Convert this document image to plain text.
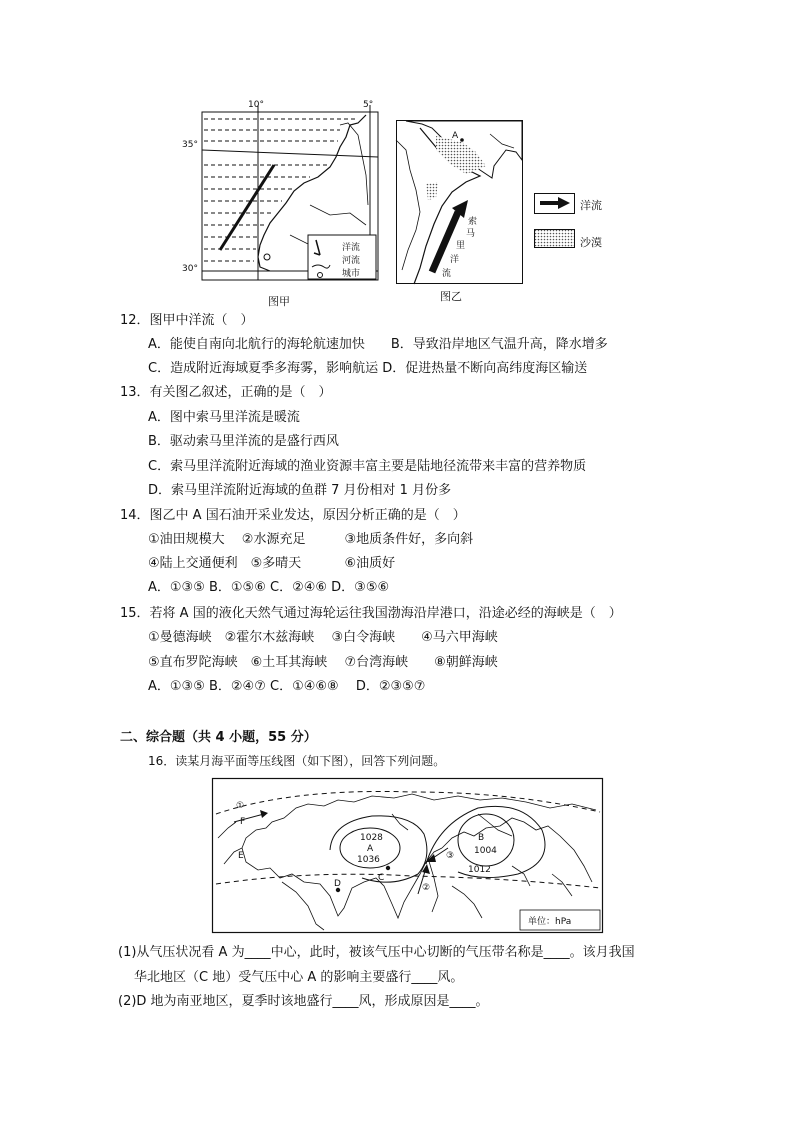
10°	5°
35°
30°
洋流
河流
城市
图甲
A
索
马
里
洋
流
图乙
洋流
沙漠
12．图甲中洋流（　）
A．能使自南向北航行的海轮航速加快　　B．导致沿岸地区气温升高，降水增多
C．造成附近海域夏季多海雾，影响航运 D．促进热量不断向高纬度海区输送
13．有关图乙叙述，正确的是（　）
A．图中索马里洋流是暖流
B．驱动索马里洋流的是盛行西风
C．索马里洋流附近海域的渔业资源丰富主要是陆地径流带来丰富的营养物质
D．索马里洋流附近海域的鱼群 7 月份相对 1 月份多
14．图乙中 A 国石油开采业发达，原因分析正确的是（　）
①油田规模大　 ②水源充足　　　③地质条件好，多向斜
④陆上交通便利　⑤多晴天　　　 ⑥油质好
A．①③⑤ B．①⑤⑥ C．②④⑥ D．③⑤⑥
15．若将 A 国的液化天然气通过海轮运往我国渤海沿岸港口，沿途必经的海峡是（　）
①曼德海峡　②霍尔木兹海峡　 ③白令海峡　　④马六甲海峡
⑤直布罗陀海峡　⑥土耳其海峡　 ⑦台湾海峡　　⑧朝鲜海峡
A．①③⑤ B．②④⑦ C．①④⑥⑧　 D．②③⑤⑦
二、综合题（共 4 小题，55 分）
16．读某月海平面等压线图（如下图），回答下列问题。
①
F
E
1028
A
1036
B
1004
1012
③
②
C
D
单位：hPa
(1)从气压状况看 A 为____中心，此时，被该气压中心切断的气压带名称是____。该月我国
华北地区（C 地）受气压中心 A 的影响主要盛行____风。
(2)D 地为南亚地区，夏季时该地盛行____风，形成原因是____。
